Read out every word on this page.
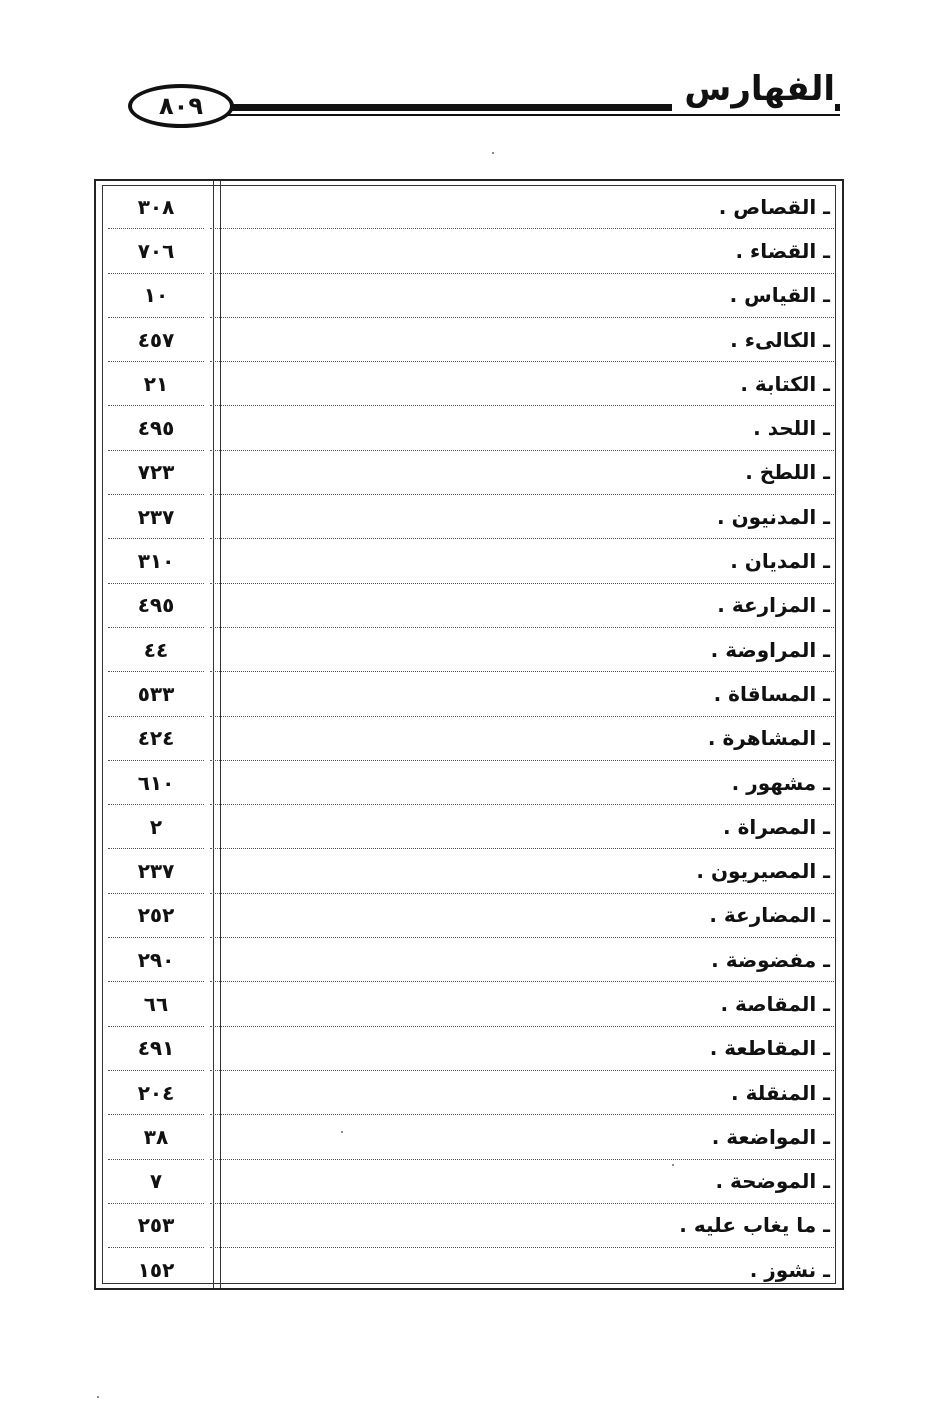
٨٠٩	الفهارس
ـ القصاص .
٣٠٨
ـ القضاء .
٧٠٦
ـ القياس .
١٠
ـ الكالىء .
٤٥٧
ـ الكتابة .
٢١
ـ اللحد .
٤٩٥
ـ اللطخ .
٧٢٣
ـ المدنيون .
٢٣٧
ـ المديان .
٣١٠
ـ المزارعة .
٤٩٥
ـ المراوضة .
٤٤
ـ المساقاة .
٥٣٣
ـ المشاهرة .
٤٢٤
ـ مشهور .
٦١٠
ـ المصراة .
٢
ـ المصيريون .
٢٣٧
ـ المضارعة .
٢٥٢
ـ مفضوضة .
٢٩٠
ـ المقاصة .
٦٦
ـ المقاطعة .
٤٩١
ـ المنقلة .
٢٠٤
ـ المواضعة .
٣٨
ـ الموضحة .
٧
ـ ما يغاب عليه .
٢٥٣
ـ نشوز .
١٥٢
